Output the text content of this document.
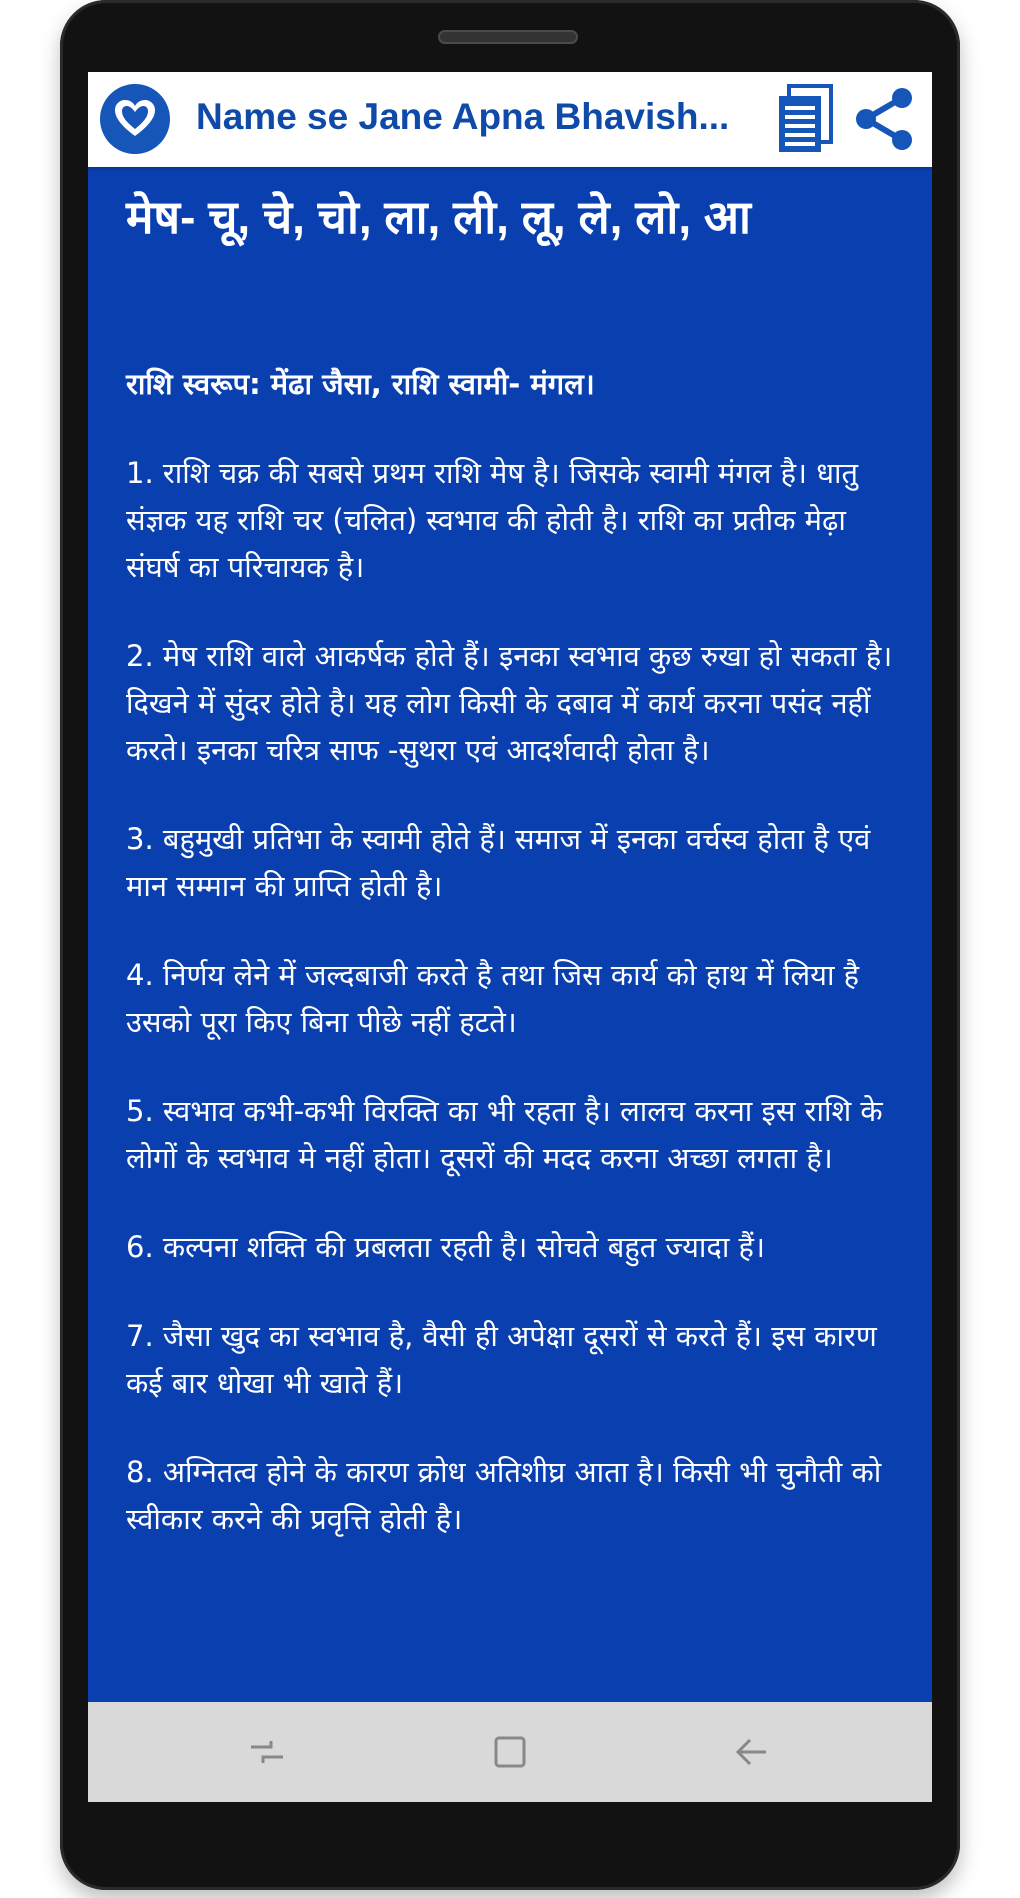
Name se Jane Apna Bhavish...
मेष- चू, चे, चो, ला, ली, लू, ले, लो, आ
राशि स्वरूप: मेंढा जैसा, राशि स्वामी- मंगल।
1. राशि चक्र की सबसे प्रथम राशि मेष है। जिसके स्वामी मंगल है। धातु संज्ञक यह राशि चर (चलित) स्वभाव की होती है। राशि का प्रतीक मेढ़ा संघर्ष का परिचायक है।
2. मेष राशि वाले आकर्षक होते हैं। इनका स्वभाव कुछ रुखा हो सकता है। दिखने में सुंदर होते है। यह लोग किसी के दबाव में कार्य करना पसंद नहीं करते। इनका चरित्र साफ -सुथरा एवं आदर्शवादी होता है।
3. बहुमुखी प्रतिभा के स्वामी होते हैं। समाज में इनका वर्चस्व होता है एवं मान सम्मान की प्राप्ति होती है।
4. निर्णय लेने में जल्दबाजी करते है तथा जिस कार्य को हाथ में लिया है उसको पूरा किए बिना पीछे नहीं हटते।
5. स्वभाव कभी-कभी विरक्ति का भी रहता है। लालच करना इस राशि के लोगों के स्वभाव मे नहीं होता। दूसरों की मदद करना अच्छा लगता है।
6. कल्पना शक्ति की प्रबलता रहती है। सोचते बहुत ज्यादा हैं।
7. जैसा खुद का स्वभाव है, वैसी ही अपेक्षा दूसरों से करते हैं। इस कारण कई बार धोखा भी खाते हैं।
8. अग्नितत्व होने के कारण क्रोध अतिशीघ्र आता है। किसी भी चुनौती को स्वीकार करने की प्रवृत्ति होती है।
